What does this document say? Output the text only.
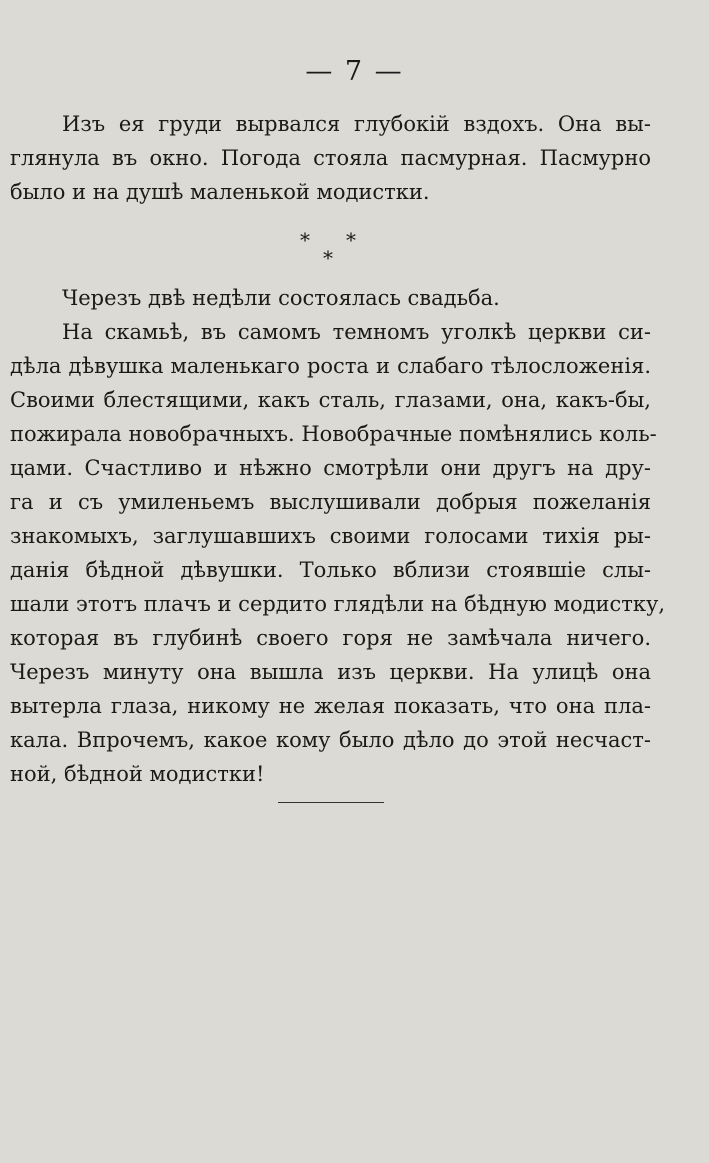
— 7 —
Изъ ея груди вырвался глубокій вздохъ. Она вы-
глянула въ окно. Погода стояла пасмурная. Пасмурно
было и на душѣ маленькой модистки.
* *
*
Черезъ двѣ недѣли состоялась свадьба.
На скамьѣ, въ самомъ темномъ уголкѣ церкви си-
дѣла дѣвушка маленькаго роста и слабаго тѣлосложенія.
Своими блестящими, какъ сталь, глазами, она, какъ-бы,
пожирала новобрачныхъ. Новобрачные помѣнялись коль-
цами. Счастливо и нѣжно смотрѣли они другъ на дру-
га и съ умиленьемъ выслушивали добрыя пожеланія
знакомыхъ, заглушавшихъ своими голосами тихія ры-
данія бѣдной дѣвушки. Только вблизи стоявшіе слы-
шали этотъ плачъ и сердито глядѣли на бѣдную модистку,
которая въ глубинѣ своего горя не замѣчала ничего.
Черезъ минуту она вышла изъ церкви. На улицѣ она
вытерла глаза, никому не желая показать, что она пла-
кала. Впрочемъ, какое кому было дѣло до этой несчаст-
ной, бѣдной модистки!
